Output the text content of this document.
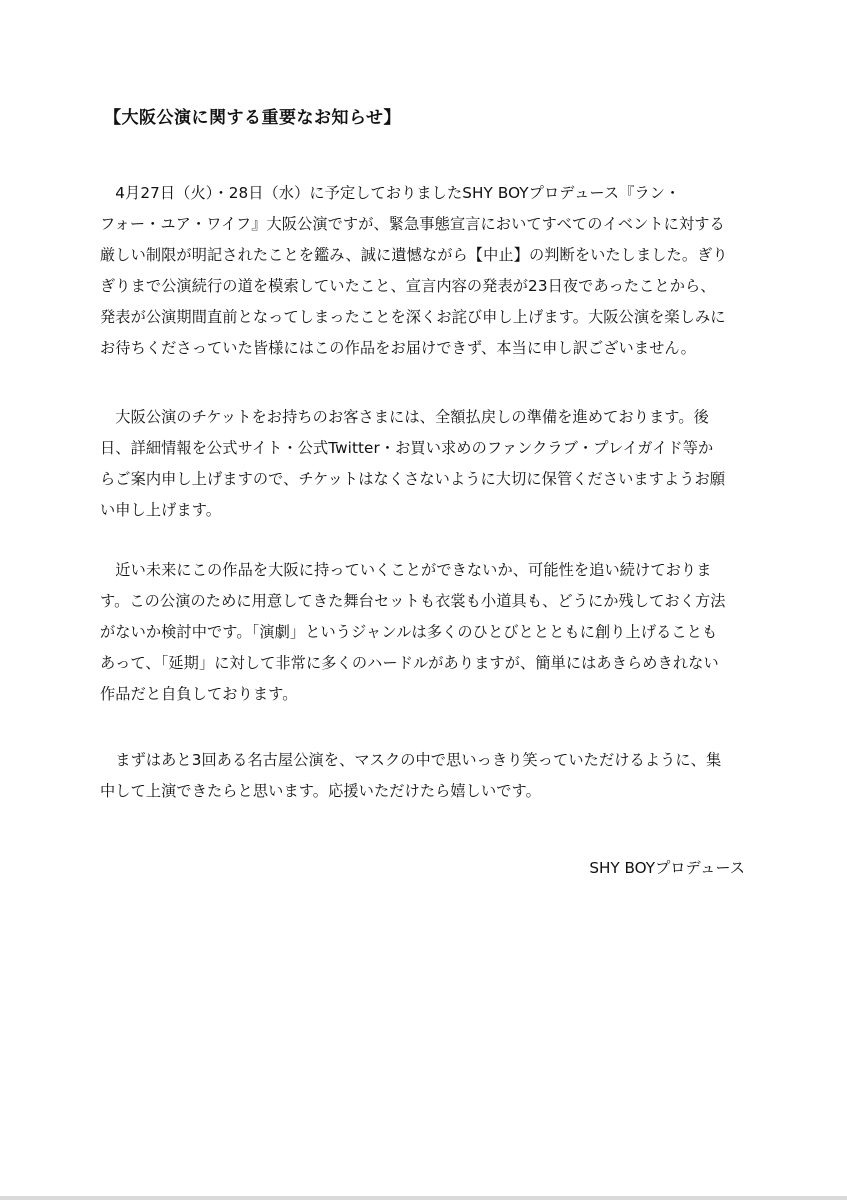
【大阪公演に関する重要なお知らせ】
　4月27日（火）・28日（水）に予定しておりましたSHY BOYプロデュース『ラン・
フォー・ユア・ワイフ』大阪公演ですが、緊急事態宣言においてすべてのイベントに対する
厳しい制限が明記されたことを鑑み、誠に遺憾ながら【中止】の判断をいたしました。ぎり
ぎりまで公演続行の道を模索していたこと、宣言内容の発表が23日夜であったことから、
発表が公演期間直前となってしまったことを深くお詫び申し上げます。大阪公演を楽しみに
お待ちくださっていた皆様にはこの作品をお届けできず、本当に申し訳ございません。
　大阪公演のチケットをお持ちのお客さまには、全額払戻しの準備を進めております。後
日、詳細情報を公式サイト・公式Twitter・お買い求めのファンクラブ・プレイガイド等か
らご案内申し上げますので、チケットはなくさないように大切に保管くださいますようお願
い申し上げます。
　近い未来にこの作品を大阪に持っていくことができないか、可能性を追い続けておりま
す。この公演のために用意してきた舞台セットも衣裳も小道具も、どうにか残しておく方法
がないか検討中です。「演劇」というジャンルは多くのひとびととともに創り上げることも
あって、「延期」に対して非常に多くのハードルがありますが、簡単にはあきらめきれない
作品だと自負しております。
　まずはあと3回ある名古屋公演を、マスクの中で思いっきり笑っていただけるように、集
中して上演できたらと思います。応援いただけたら嬉しいです。
SHY BOYプロデュース
